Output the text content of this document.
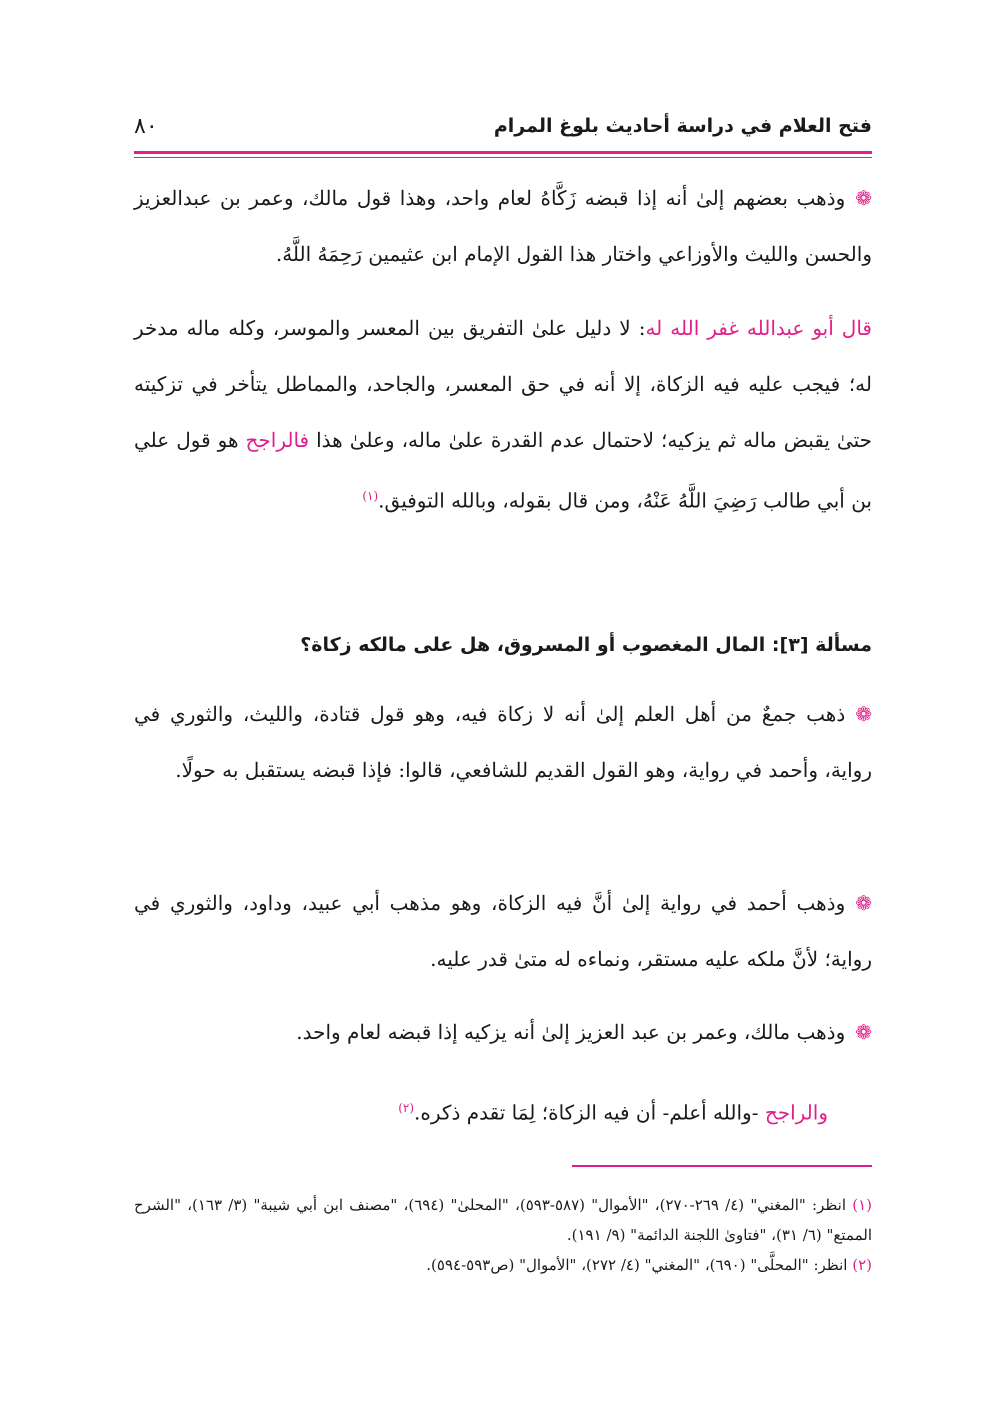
٨٠	فتح العلام في دراسة أحاديث بلوغ المرام
❁وذهب بعضهم إلىٰ أنه إذا قبضه زَكَّاهُ لعام واحد، وهذا قول مالك، وعمر بن عبدالعزيز والحسن والليث والأوزاعي واختار هذا القول الإمام ابن عثيمين رَحِمَهُ اللَّهُ.
قال أبو عبدالله غفر الله له: لا دليل علىٰ التفريق بين المعسر والموسر، وكله ماله مدخر له؛ فيجب عليه فيه الزكاة، إلا أنه في حق المعسر، والجاحد، والمماطل يتأخر في تزكيته حتىٰ يقبض ماله ثم يزكيه؛ لاحتمال عدم القدرة علىٰ ماله، وعلىٰ هذا فالراجح هو قول علي بن أبي طالب رَضِيَ اللَّهُ عَنْهُ، ومن قال بقوله، وبالله التوفيق.$^{(١)}$
مسألة [٣]: المال المغصوب أو المسروق، هل على مالكه زكاة؟
❁ذهب جمعٌ من أهل العلم إلىٰ أنه لا زكاة فيه، وهو قول قتادة، والليث، والثوري في رواية، وأحمد في رواية، وهو القول القديم للشافعي، قالوا: فإذا قبضه يستقبل به حولًا.
❁وذهب أحمد في رواية إلىٰ أنَّ فيه الزكاة، وهو مذهب أبي عبيد، وداود، والثوري في رواية؛ لأنَّ ملكه عليه مستقر، ونماءه له متىٰ قدر عليه.
❁وذهب مالك، وعمر بن عبد العزيز إلىٰ أنه يزكيه إذا قبضه لعام واحد.
والراجح -والله أعلم- أن فيه الزكاة؛ لِمَا تقدم ذكره.$^{(٢)}$
(١) انظر: "المغني" (٤/ ٢٦٩-٢٧٠)، "الأموال" (٥٨٧-٥٩٣)، "المحلىٰ" (٦٩٤)، "مصنف ابن أبي شيبة" (٣/ ١٦٣)، "الشرح الممتع" (٦/ ٣١)، "فتاوىٰ اللجنة الدائمة" (٩/ ١٩١).
(٢) انظر: "المحلَّى" (٦٩٠)، "المغني" (٤/ ٢٧٢)، "الأموال" (ص٥٩٣-٥٩٤).
